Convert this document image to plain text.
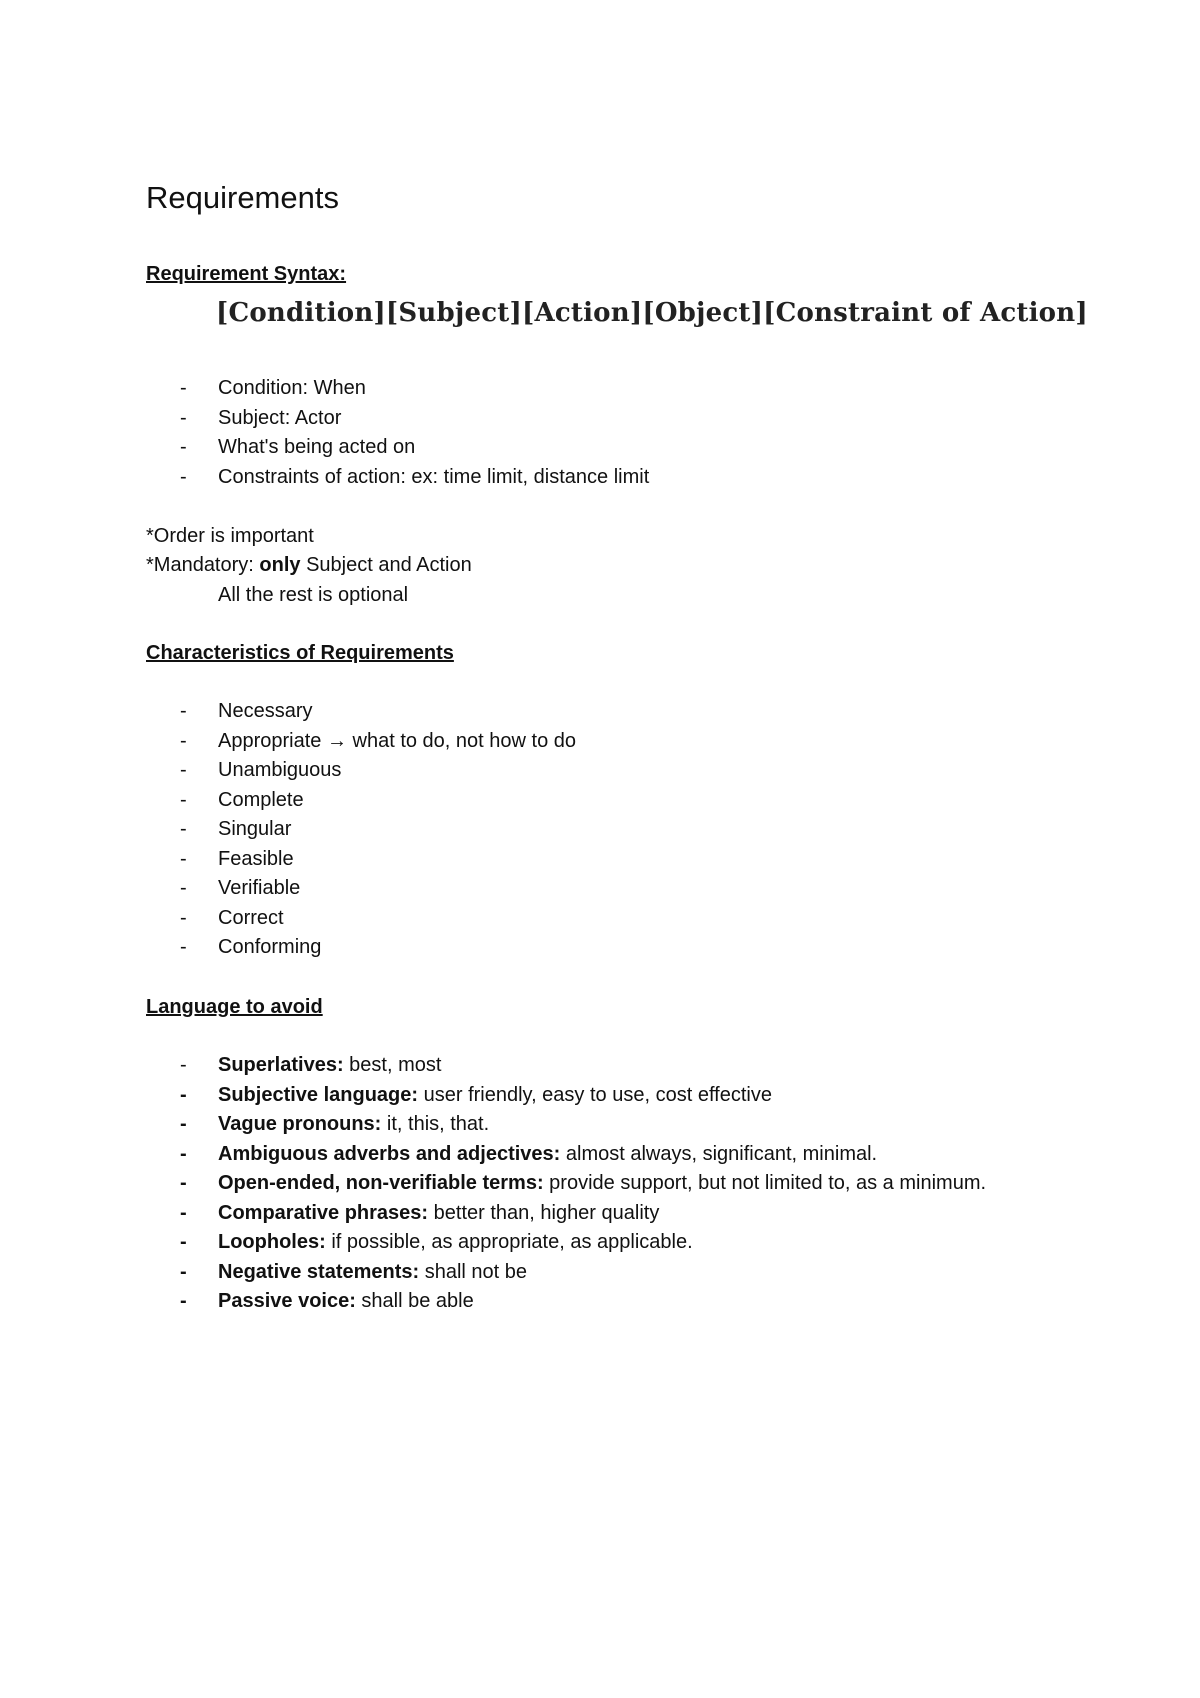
Requirements
Requirement Syntax:
[Condition][Subject][Action][Object][Constraint of Action]
- Condition: When
- Subject: Actor
- What's being acted on
- Constraints of action: ex: time limit, distance limit
*Order is important
*Mandatory: only Subject and Action
All the rest is optional
Characteristics of Requirements
- Necessary
- Appropriate → what to do, not how to do
- Unambiguous
- Complete
- Singular
- Feasible
- Verifiable
- Correct
- Conforming
Language to avoid
- Superlatives: best, most
- Subjective language: user friendly, easy to use, cost effective
- Vague pronouns: it, this, that.
- Ambiguous adverbs and adjectives: almost always, significant, minimal.
- Open-ended, non-verifiable terms: provide support, but not limited to, as a minimum.
- Comparative phrases: better than, higher quality
- Loopholes: if possible, as appropriate, as applicable.
- Negative statements: shall not be
- Passive voice: shall be able
